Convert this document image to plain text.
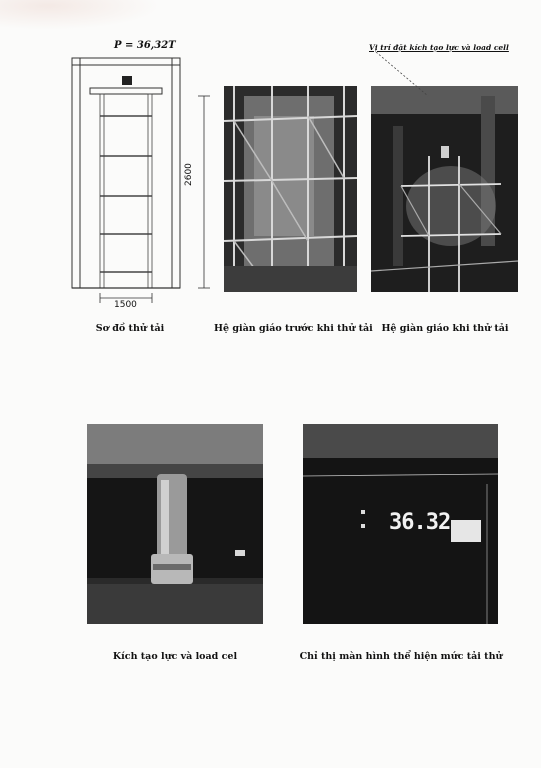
P = 36,32T
2600
1500
Vị trí đặt kích tạo lực và load cell
Sơ đồ thử tải	Hệ giàn giáo trước khi thử tải Hệ giàn giáo khi thử tải
36.32
Kích tạo lực và load cel	Chỉ thị màn hình thể hiện mức tải thử
